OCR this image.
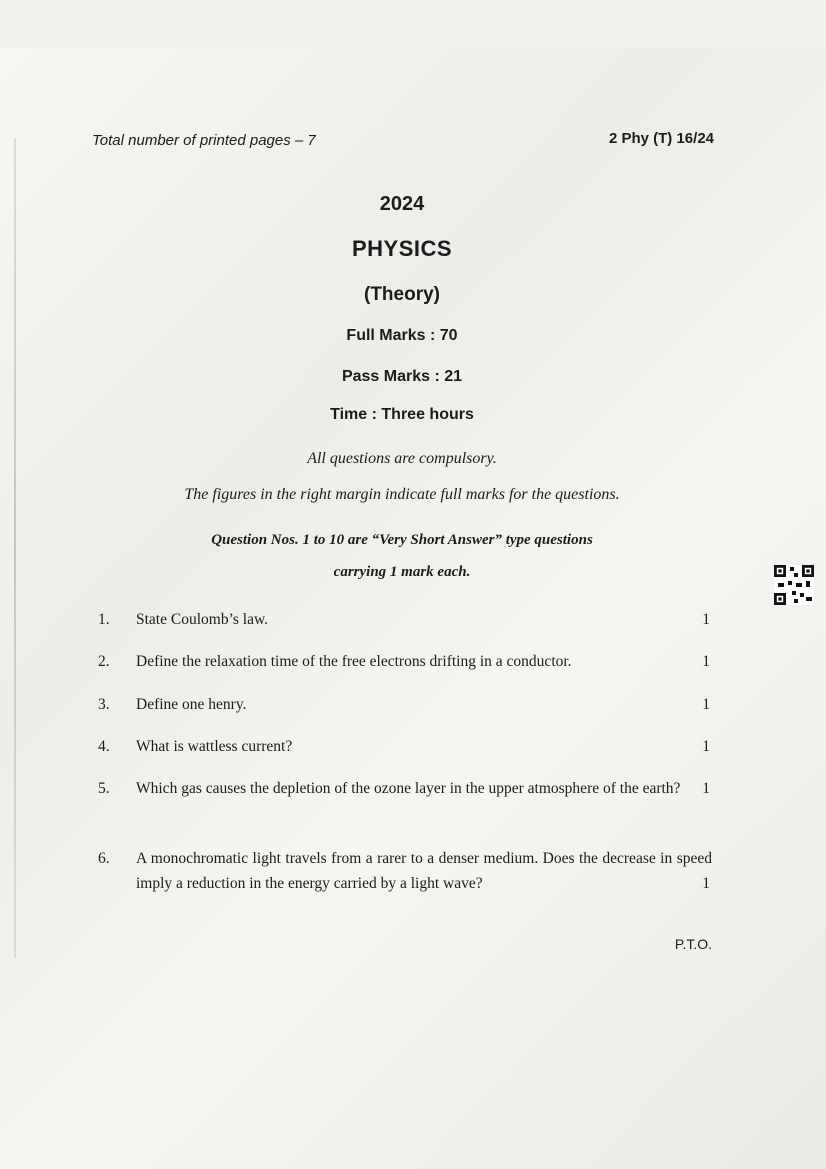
Total number of printed pages – 7	2 Phy (T) 16/24
2024
PHYSICS
(Theory)
Full Marks : 70
Pass Marks : 21
Time : Three hours
All questions are compulsory.
The figures in the right margin indicate full marks for the questions.
Question Nos. 1 to 10 are “Very Short Answer” type questions
carrying 1 mark each.
1. State Coulomb’s law.	1
2. Define the relaxation time of the free electrons drifting in a conductor.	1
3. Define one henry.	1
4. What is wattless current?	1
5. Which gas causes the depletion of the ozone layer in the upper atmosphere of the earth?	1
6. A monochromatic light travels from a rarer to a denser medium. Does the decrease in speed imply a reduction in the energy carried by a light wave?	1
P.T.O.
